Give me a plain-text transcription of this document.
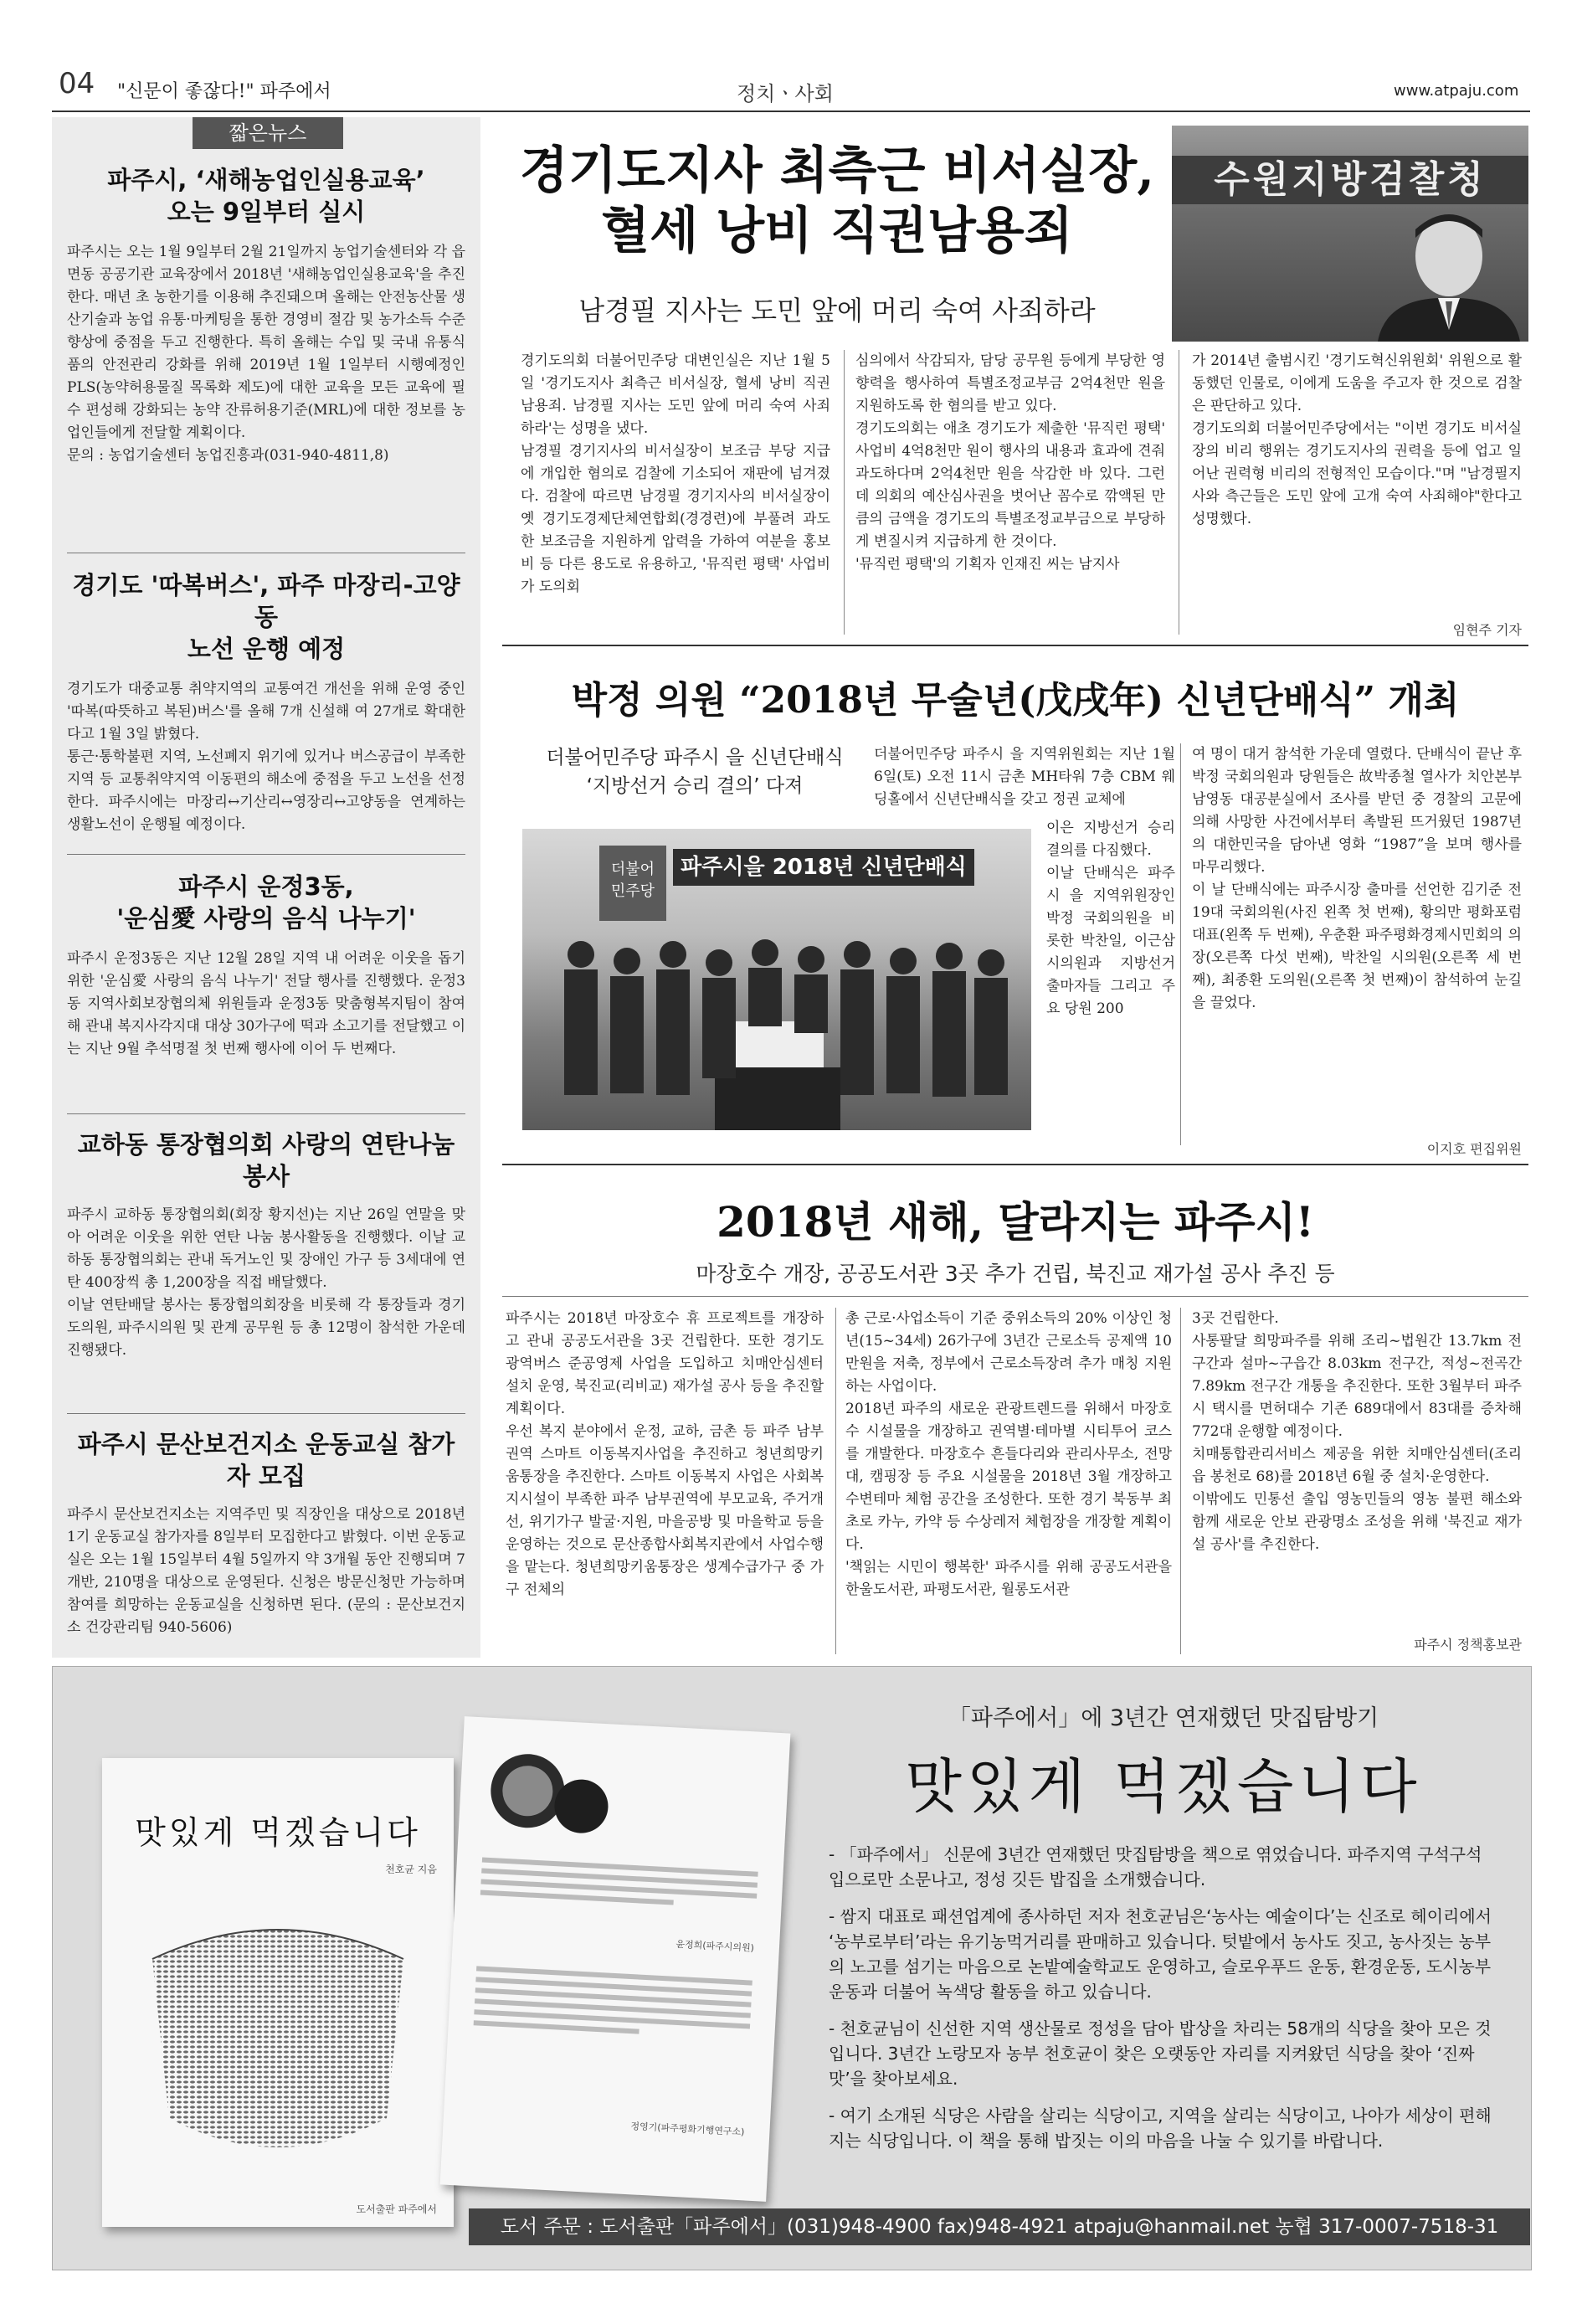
04 "신문이 좋잖다!" 파주에서	정치ㆍ사회	www.atpaju.com
짧은뉴스
파주시, ‘새해농업인실용교육’
오는 9일부터 실시
파주시는 오는 1월 9일부터 2월 21일까지 농업기술센터와 각 읍면동 공공기관 교육장에서 2018년 '새해농업인실용교육'을 추진한다. 매년 초 농한기를 이용해 추진돼으며 올해는 안전농산물 생산기술과 농업 유통·마케팅을 통한 경영비 절감 및 농가소득 수준 향상에 중점을 두고 진행한다. 특히 올해는 수입 및 국내 유통식품의 안전관리 강화를 위해 2019년 1월 1일부터 시행예정인 PLS(농약허용물질 목록화 제도)에 대한 교육을 모든 교육에 필수 편성해 강화되는 농약 잔류허용기준(MRL)에 대한 정보를 농업인들에게 전달할 계획이다.
문의 : 농업기술센터 농업진흥과(031-940-4811,8)
경기도 '따복버스', 파주 마장리-고양동
노선 운행 예정
경기도가 대중교통 취약지역의 교통여건 개선을 위해 운영 중인 '따복(따뜻하고 복된)버스'를 올해 7개 신설해 여 27개로 확대한다고 1월 3일 밝혔다.
통근·통학불편 지역, 노선폐지 위기에 있거나 버스공급이 부족한 지역 등 교통취약지역 이동편의 해소에 중점을 두고 노선을 선정한다. 파주시에는 마장리↔기산리↔영장리↔고양동을 연계하는 생활노선이 운행될 예정이다.
파주시 운정3동,
'운심愛 사랑의 음식 나누기'
파주시 운정3동은 지난 12월 28일 지역 내 어려운 이웃을 돕기 위한 '운심愛 사랑의 음식 나누기' 전달 행사를 진행했다. 운정3동 지역사회보장협의체 위원들과 운정3동 맞춤형복지팀이 참여해 관내 복지사각지대 대상 30가구에 떡과 소고기를 전달했고 이는 지난 9월 추석명절 첫 번째 행사에 이어 두 번째다.
교하동 통장협의회 사랑의 연탄나눔 봉사
파주시 교하동 통장협의회(회장 황지선)는 지난 26일 연말을 맞아 어려운 이웃을 위한 연탄 나눔 봉사활동을 진행했다. 이날 교하동 통장협의회는 관내 독거노인 및 장애인 가구 등 3세대에 연탄 400장씩 총 1,200장을 직접 배달했다.
이날 연탄배달 봉사는 통장협의회장을 비롯해 각 통장들과 경기도의원, 파주시의원 및 관계 공무원 등 총 12명이 참석한 가운데 진행됐다.
파주시 문산보건지소 운동교실 참가자 모집
파주시 문산보건지소는 지역주민 및 직장인을 대상으로 2018년 1기 운동교실 참가자를 8일부터 모집한다고 밝혔다. 이번 운동교실은 오는 1월 15일부터 4월 5일까지 약 3개월 동안 진행되며 7개반, 210명을 대상으로 운영된다. 신청은 방문신청만 가능하며 참여를 희망하는 운동교실을 신청하면 된다. (문의 : 문산보건지소 건강관리팀 940-5606)
경기도지사 최측근 비서실장,
혈세 낭비 직권남용죄
남경필 지사는 도민 앞에 머리 숙여 사죄하라
수원지방검찰청
경기도의회 더불어민주당 대변인실은 지난 1월 5일 '경기도지사 최측근 비서실장, 혈세 낭비 직권남용죄. 남경필 지사는 도민 앞에 머리 숙여 사죄하라'는 성명을 냈다.
남경필 경기지사의 비서실장이 보조금 부당 지급에 개입한 혐의로 검찰에 기소되어 재판에 넘겨졌다. 검찰에 따르면 남경필 경기지사의 비서실장이 옛 경기도경제단체연합회(경경련)에 부풀려 과도한 보조금을 지원하게 압력을 가하여 여분을 홍보비 등 다른 용도로 유용하고, '뮤직런 평택' 사업비가 도의회
심의에서 삭감되자, 담당 공무원 등에게 부당한 영향력을 행사하여 특별조정교부금 2억4천만 원을 지원하도록 한 혐의를 받고 있다.
경기도의회는 애초 경기도가 제출한 '뮤직런 평택' 사업비 4억8천만 원이 행사의 내용과 효과에 견줘 과도하다며 2억4천만 원을 삭감한 바 있다. 그런데 의회의 예산심사권을 벗어난 꼼수로 깎액된 만큼의 금액을 경기도의 특별조정교부금으로 부당하게 변질시켜 지급하게 한 것이다.
'뮤직런 평택'의 기획자 인재진 씨는 남지사
가 2014년 출범시킨 '경기도혁신위원회' 위원으로 활동했던 인물로, 이에게 도움을 주고자 한 것으로 검찰은 판단하고 있다.
경기도의회 더불어민주당에서는 "이번 경기도 비서실장의 비리 행위는 경기도지사의 권력을 등에 업고 일어난 권력형 비리의 전형적인 모습이다."며 "남경필지사와 측근들은 도민 앞에 고개 숙여 사죄해야"한다고 성명했다.
임현주 기자
박정 의원 “2018년 무술년(戊戌年) 신년단배식” 개최
더불어민주당 파주시 을 신년단배식
‘지방선거 승리 결의’ 다져
파주시을 2018년 신년단배식
더불어
민주당
더불어민주당 파주시 을 지역위원회는 지난 1월 6일(토) 오전 11시 금촌 MH타워 7층 CBM 웨딩홀에서 신년단배식을 갖고 정권 교체에
이은 지방선거 승리 결의를 다짐했다.
이날 단배식은 파주시 을 지역위원장인 박정 국회의원을 비롯한 박찬일, 이근삼 시의원과 지방선거 출마자들 그리고 주요 당원 200
여 명이 대거 참석한 가운데 열렸다. 단배식이 끝난 후 박정 국회의원과 당원들은 故박종철 열사가 치안본부 남영동 대공분실에서 조사를 받던 중 경찰의 고문에 의해 사망한 사건에서부터 촉발된 뜨거웠던 1987년의 대한민국을 담아낸 영화 “1987”을 보며 행사를 마무리했다.
이 날 단배식에는 파주시장 출마를 선언한 김기준 전 19대 국회의원(사진 왼쪽 첫 번째), 황의만 평화포럼대표(왼쪽 두 번째), 우춘환 파주평화경제시민회의 의장(오른쪽 다섯 번째), 박찬일 시의원(오른쪽 세 번째), 최종환 도의원(오른쪽 첫 번째)이 참석하여 눈길을 끌었다.
이지호 편집위원
2018년 새해, 달라지는 파주시!
마장호수 개장, 공공도서관 3곳 추가 건립, 북진교 재가설 공사 추진 등
파주시는 2018년 마장호수 휴 프로젝트를 개장하고 관내 공공도서관을 3곳 건립한다. 또한 경기도 광역버스 준공영제 사업을 도입하고 치매안심센터 설치 운영, 북진교(리비교) 재가설 공사 등을 추진할 계획이다.
우선 복지 분야에서 운정, 교하, 금촌 등 파주 남부권역 스마트 이동복지사업을 추진하고 청년희망키움통장을 추진한다. 스마트 이동복지 사업은 사회복지시설이 부족한 파주 남부권역에 부모교육, 주거개선, 위기가구 발굴·지원, 마을공방 및 마을학교 등을 운영하는 것으로 문산종합사회복지관에서 사업수행을 맡는다. 청년희망키움통장은 생계수급가구 중 가구 전체의
총 근로·사업소득이 기준 중위소득의 20% 이상인 청년(15~34세) 26가구에 3년간 근로소득 공제액 10만원을 저축, 정부에서 근로소득장려 추가 매칭 지원하는 사업이다.
2018년 파주의 새로운 관광트렌드를 위해서 마장호수 시설물을 개장하고 권역별·테마별 시티투어 코스를 개발한다. 마장호수 흔들다리와 관리사무소, 전망대, 캠핑장 등 주요 시설물을 2018년 3월 개장하고 수변테마 체험 공간을 조성한다. 또한 경기 북동부 최초로 카누, 카약 등 수상레저 체험장을 개장할 계획이다.
'책읽는 시민이 행복한' 파주시를 위해 공공도서관을 한울도서관, 파평도서관, 월롱도서관
3곳 건립한다.
사통팔달 희망파주를 위해 조리~법원간 13.7km 전구간과 설마~구읍간 8.03km 전구간, 적성~전곡간 7.89km 전구간 개통을 추진한다. 또한 3월부터 파주시 택시를 면허대수 기존 689대에서 83대를 증차해 772대 운행할 예정이다.
치매통합관리서비스 제공을 위한 치매안심센터(조리읍 봉천로 68)를 2018년 6월 중 설치·운영한다.
이밖에도 민통선 출입 영농민들의 영농 불편 해소와 함께 새로운 안보 관광명소 조성을 위해 '북진교 재가설 공사'를 추진한다.
파주시 정책홍보관
맛있게 먹겠습니다
천호균 지음
도서출판 파주에서
윤정희(파주시의원)
정영기(파주평화기행연구소)
「파주에서」에 3년간 연재했던 맛집탐방기
맛있게 먹겠습니다
- 「파주에서」 신문에 3년간 연재했던 맛집탐방을 책으로 엮었습니다. 파주지역 구석구석 입으로만 소문나고, 정성 깃든 밥집을 소개했습니다.
- 쌈지 대표로 패션업계에 종사하던 저자 천호균님은‘농사는 예술이다’는 신조로 헤이리에서 ‘농부로부터’라는 유기농먹거리를 판매하고 있습니다. 텃밭에서 농사도 짓고, 농사짓는 농부의 노고를 섬기는 마음으로 논밭예술학교도 운영하고, 슬로우푸드 운동, 환경운동, 도시농부운동과 더불어 녹색당 활동을 하고 있습니다.
- 천호균님이 신선한 지역 생산물로 정성을 담아 밥상을 차리는 58개의 식당을 찾아 모은 것입니다. 3년간 노랑모자 농부 천호균이 찾은 오랫동안 자리를 지켜왔던 식당을 찾아 ‘진짜 맛’을 찾아보세요.
- 여기 소개된 식당은 사람을 살리는 식당이고, 지역을 살리는 식당이고, 나아가 세상이 편해지는 식당입니다. 이 책을 통해 밥짓는 이의 마음을 나눌 수 있기를 바랍니다.
도서 주문 : 도서출판「파주에서」(031)948-4900 fax)948-4921 atpaju@hanmail.net 농협 317-0007-7518-31
